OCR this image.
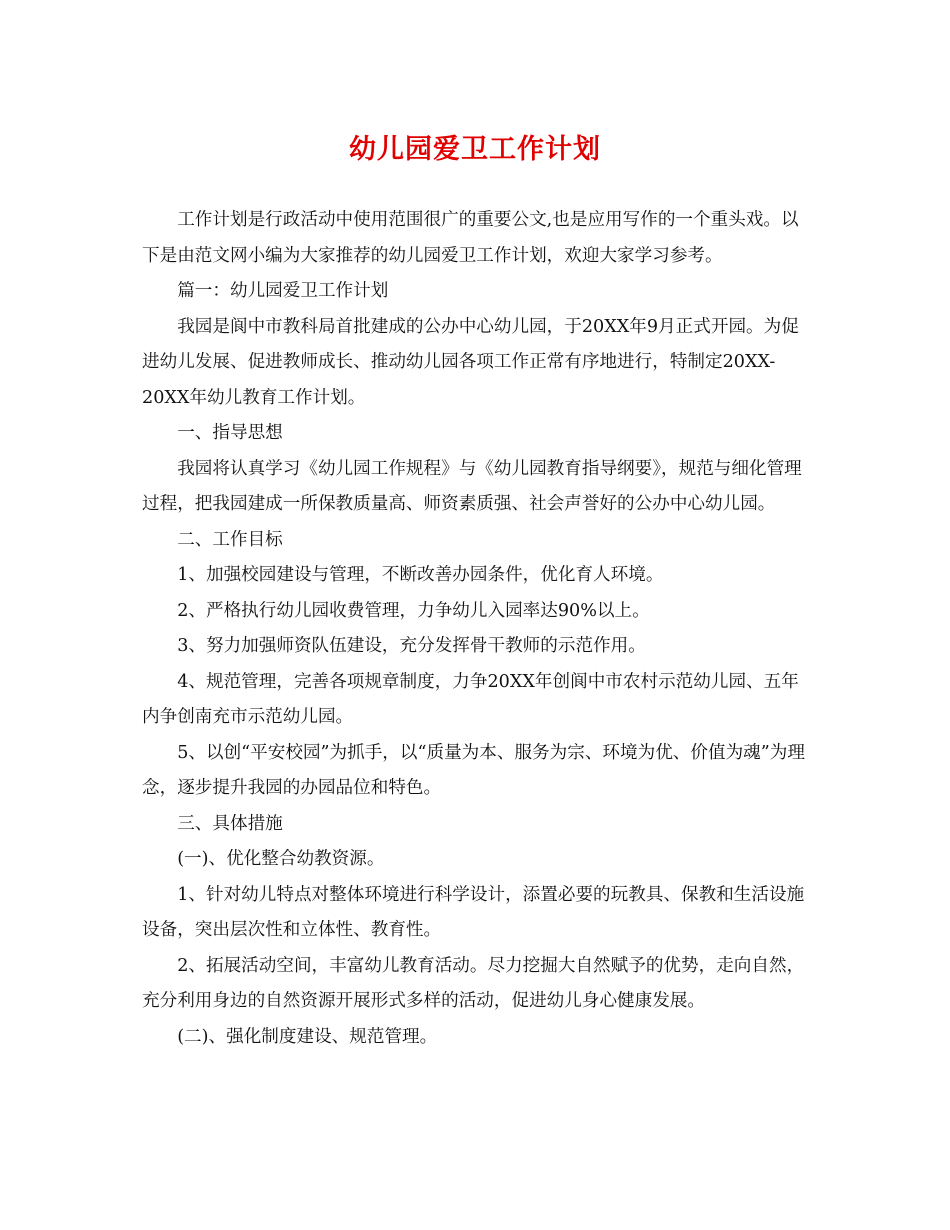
幼儿园爱卫工作计划

工作计划是行政活动中使用范围很广的重要公文,也是应用写作的一个重头戏。以下是由范文网小编为大家推荐的幼儿园爱卫工作计划，欢迎大家学习参考。

篇一：幼儿园爱卫工作计划

我园是阆中市教科局首批建成的公办中心幼儿园，于20XX年9月正式开园。为促进幼儿发展、促进教师成长、推动幼儿园各项工作正常有序地进行，特制定20XX-20XX年幼儿教育工作计划。

一、指导思想

我园将认真学习《幼儿园工作规程》与《幼儿园教育指导纲要》，规范与细化管理过程，把我园建成一所保教质量高、师资素质强、社会声誉好的公办中心幼儿园。

二、工作目标

1、加强校园建设与管理，不断改善办园条件，优化育人环境。

2、严格执行幼儿园收费管理，力争幼儿入园率达90%以上。

3、努力加强师资队伍建设，充分发挥骨干教师的示范作用。

4、规范管理，完善各项规章制度，力争20XX年创阆中市农村示范幼儿园、五年内争创南充市示范幼儿园。

5、以创“平安校园”为抓手，以“质量为本、服务为宗、环境为优、价值为魂”为理念，逐步提升我园的办园品位和特色。

三、具体措施

(一)、优化整合幼教资源。

1、针对幼儿特点对整体环境进行科学设计，添置必要的玩教具、保教和生活设施设备，突出层次性和立体性、教育性。

2、拓展活动空间，丰富幼儿教育活动。尽力挖掘大自然赋予的优势，走向自然，充分利用身边的自然资源开展形式多样的活动，促进幼儿身心健康发展。

(二)、强化制度建设、规范管理。
